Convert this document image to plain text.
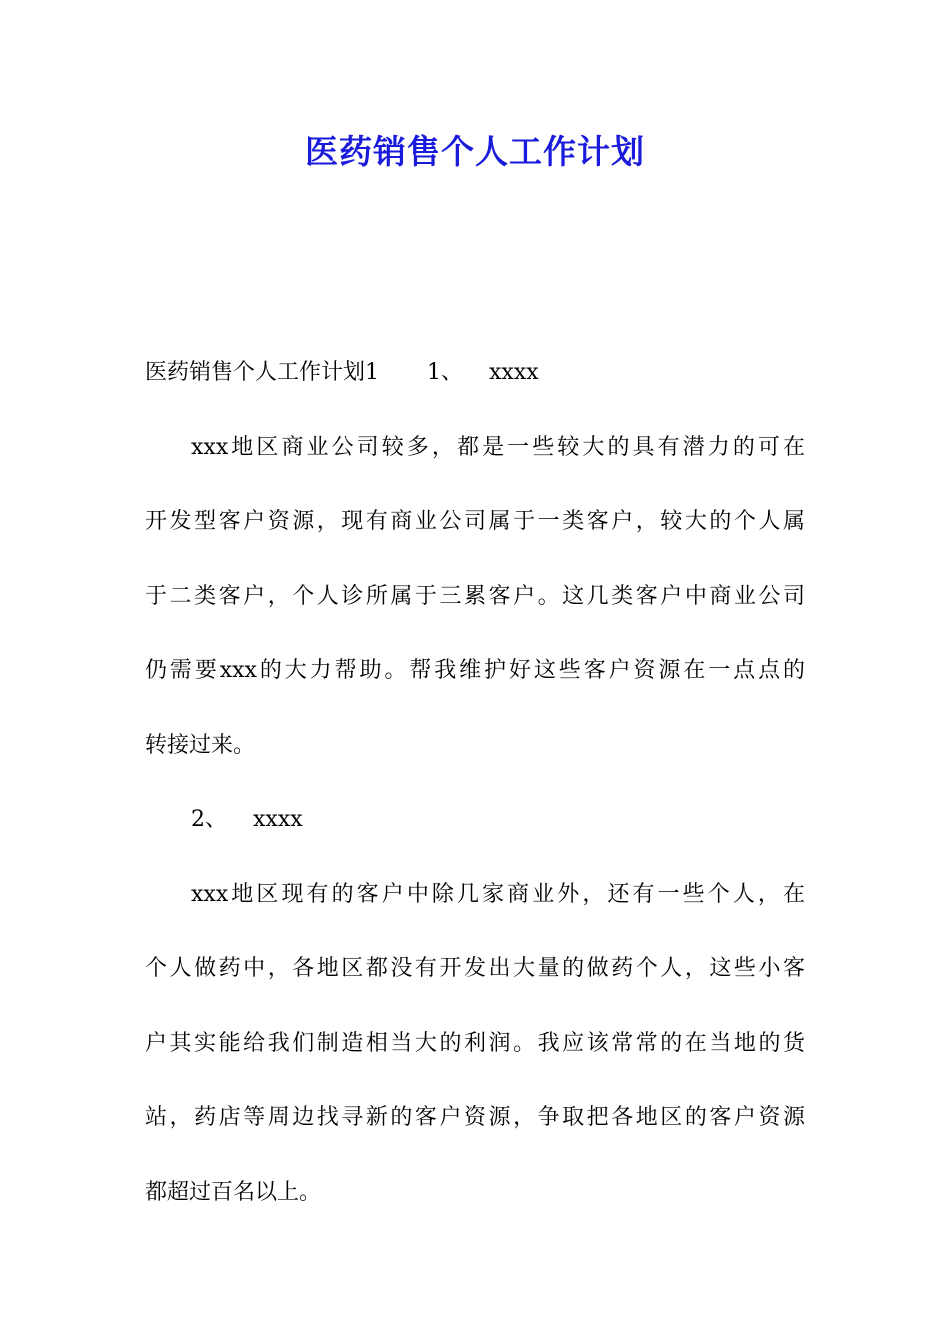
医药销售个人工作计划
医药销售个人工作计划1 1、 xxxx
xxx地区商业公司较多，都是一些较大的具有潜力的可在
开发型客户资源，现有商业公司属于一类客户，较大的个人属
于二类客户，个人诊所属于三累客户。这几类客户中商业公司
仍需要xxx的大力帮助。帮我维护好这些客户资源在一点点的
转接过来。
2、 xxxx
xxx地区现有的客户中除几家商业外，还有一些个人，在
个人做药中，各地区都没有开发出大量的做药个人，这些小客
户其实能给我们制造相当大的利润。我应该常常的在当地的货
站，药店等周边找寻新的客户资源，争取把各地区的客户资源
都超过百名以上。
